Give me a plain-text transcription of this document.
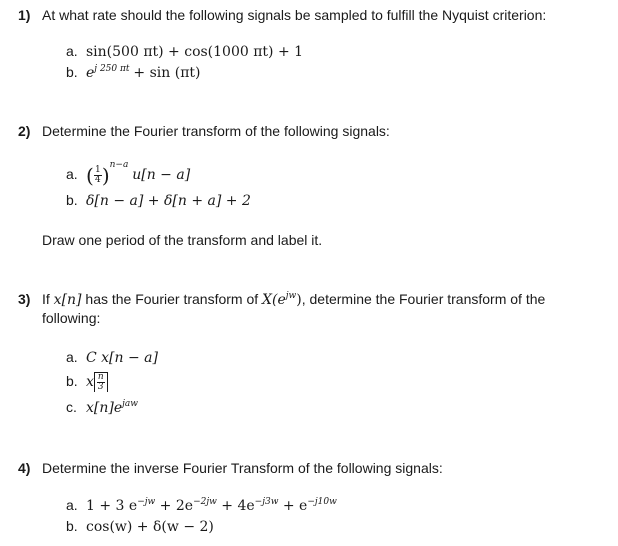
1) At what rate should the following signals be sampled to fulfill the Nyquist criterion:
a. sin(500 πt) + cos(1000 πt) + 1
b. $e^{j 250 \pi t} + \sin (\pi t)$
2) Determine the Fourier transform of the following signals:
a. ( $\frac{1}{4} )^{n-a}$ u[n − a]
b. δ[n − a] + δ[n + a] + 2
Draw one period of the transform and label it.
3) If x[n] has the Fourier transform of $X(e^{jw})$, determine the Fourier transform of the following:
a. C x[n − a]
b. x $\frac{n}{3}$
c. $x[n]e^{jaw}$
4) Determine the inverse Fourier Transform of the following signals:
a. 1 + 3 $e^{-jw} + 2e^{-2jw} + 4e^{-j3w} + e^{-j10w}$
b. cos(w) + δ(w − 2)
